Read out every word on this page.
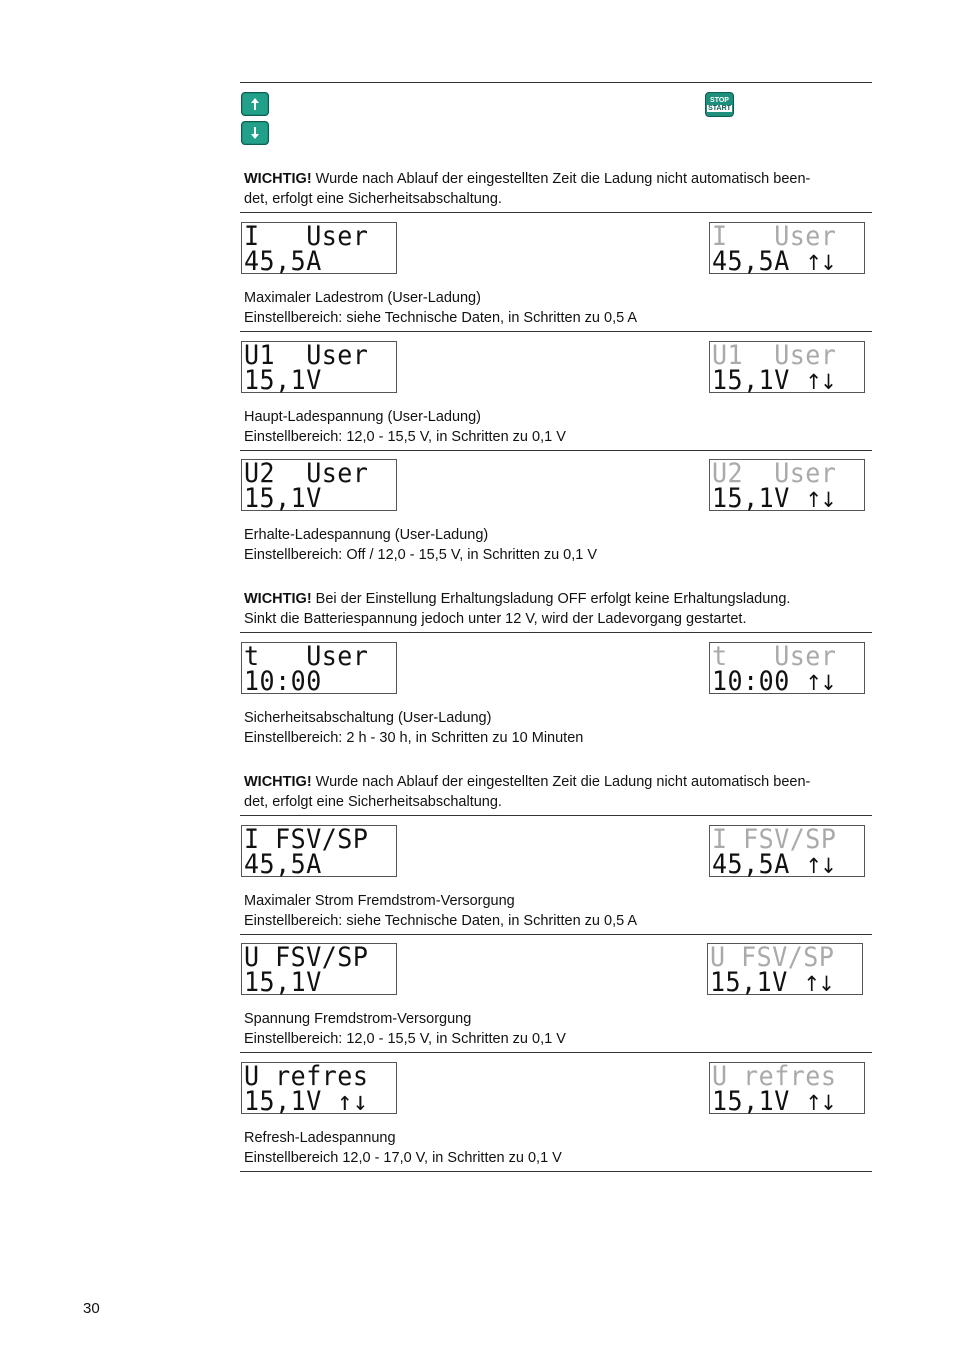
STOP
START
WICHTIG! Wurde nach Ablauf der eingestellten Zeit die Ladung nicht automatisch been-
det, erfolgt eine Sicherheitsabschaltung.
I   User
45,5A
I   User
45,5A ↑↓
Maximaler Ladestrom (User-Ladung)
Einstellbereich: siehe Technische Daten, in Schritten zu 0,5 A
U1  User
15,1V
U1  User
15,1V ↑↓
Haupt-Ladespannung (User-Ladung)
Einstellbereich: 12,0 - 15,5 V, in Schritten zu 0,1 V
U2  User
15,1V
U2  User
15,1V ↑↓
Erhalte-Ladespannung (User-Ladung)
Einstellbereich: Off / 12,0 - 15,5 V, in Schritten zu 0,1 V
WICHTIG! Bei der Einstellung Erhaltungsladung OFF erfolgt keine Erhaltungsladung.
Sinkt die Batteriespannung jedoch unter 12 V, wird der Ladevorgang gestartet.
t   User
10:00
t   User
10:00 ↑↓
Sicherheitsabschaltung (User-Ladung)
Einstellbereich: 2 h - 30 h, in Schritten zu 10 Minuten
WICHTIG! Wurde nach Ablauf der eingestellten Zeit die Ladung nicht automatisch been-
det, erfolgt eine Sicherheitsabschaltung.
I FSV/SP
45,5A
I FSV/SP
45,5A ↑↓
Maximaler Strom Fremdstrom-Versorgung
Einstellbereich: siehe Technische Daten, in Schritten zu 0,5 A
U FSV/SP
15,1V
U FSV/SP
15,1V ↑↓
Spannung Fremdstrom-Versorgung
Einstellbereich: 12,0 - 15,5 V, in Schritten zu 0,1 V
U refres
15,1V ↑↓
U refres
15,1V ↑↓
Refresh-Ladespannung
Einstellbereich 12,0 - 17,0 V, in Schritten zu 0,1 V
30
